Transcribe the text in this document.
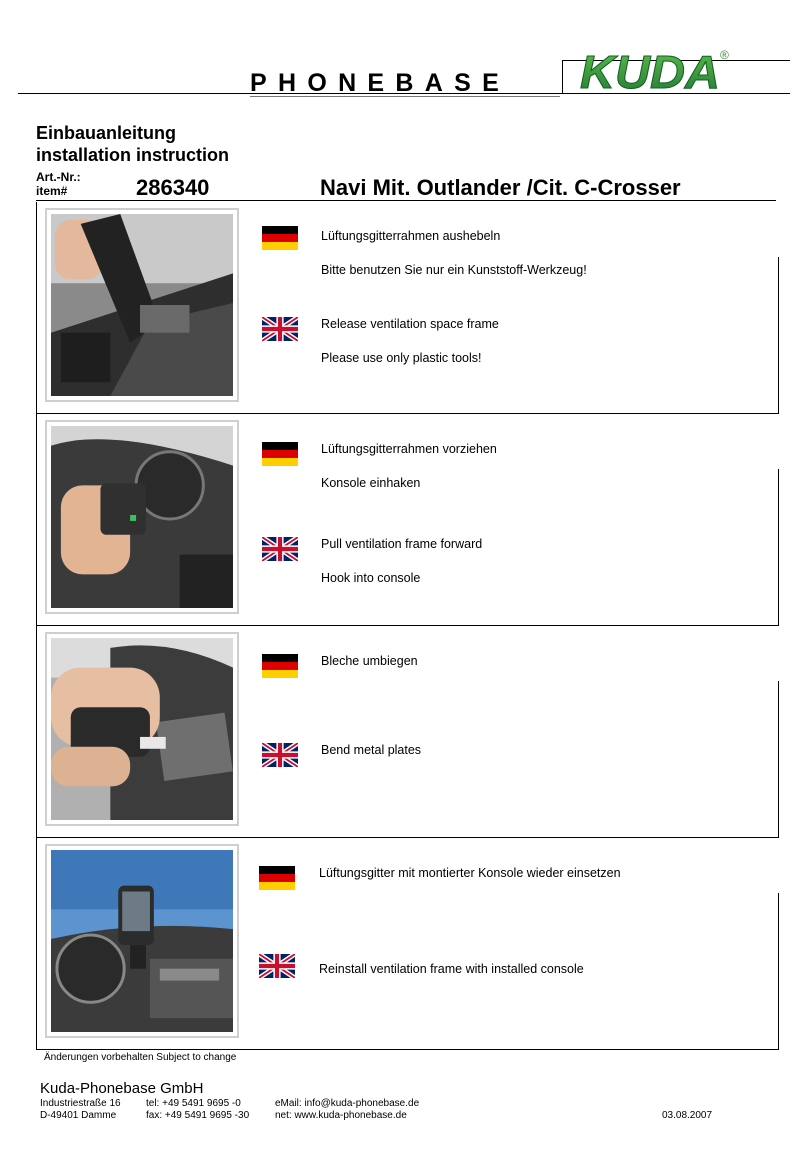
PHONEBASE KUDA ®
Einbauanleitung
installation instruction
Art.-Nr.:
item#	286340	Navi Mit. Outlander /Cit. C-Crosser
Lüftungsgitterrahmen aushebeln
Bitte benutzen Sie nur ein Kunststoff-Werkzeug!
Release ventilation space frame
Please use only plastic tools!
Lüftungsgitterrahmen vorziehen
Konsole einhaken
Pull ventilation frame forward
Hook into console
Bleche umbiegen
Bend metal plates
Lüftungsgitter mit montierter Konsole wieder einsetzen
Reinstall ventilation frame with installed console
Änderungen vorbehalten Subject to change
Kuda-Phonebase GmbH
Industriestraße 16
D-49401 Damme
tel: +49 5491 9695 -0
fax: +49 5491 9695 -30
eMail: info@kuda-phonebase.de
net: www.kuda-phonebase.de	03.08.2007
